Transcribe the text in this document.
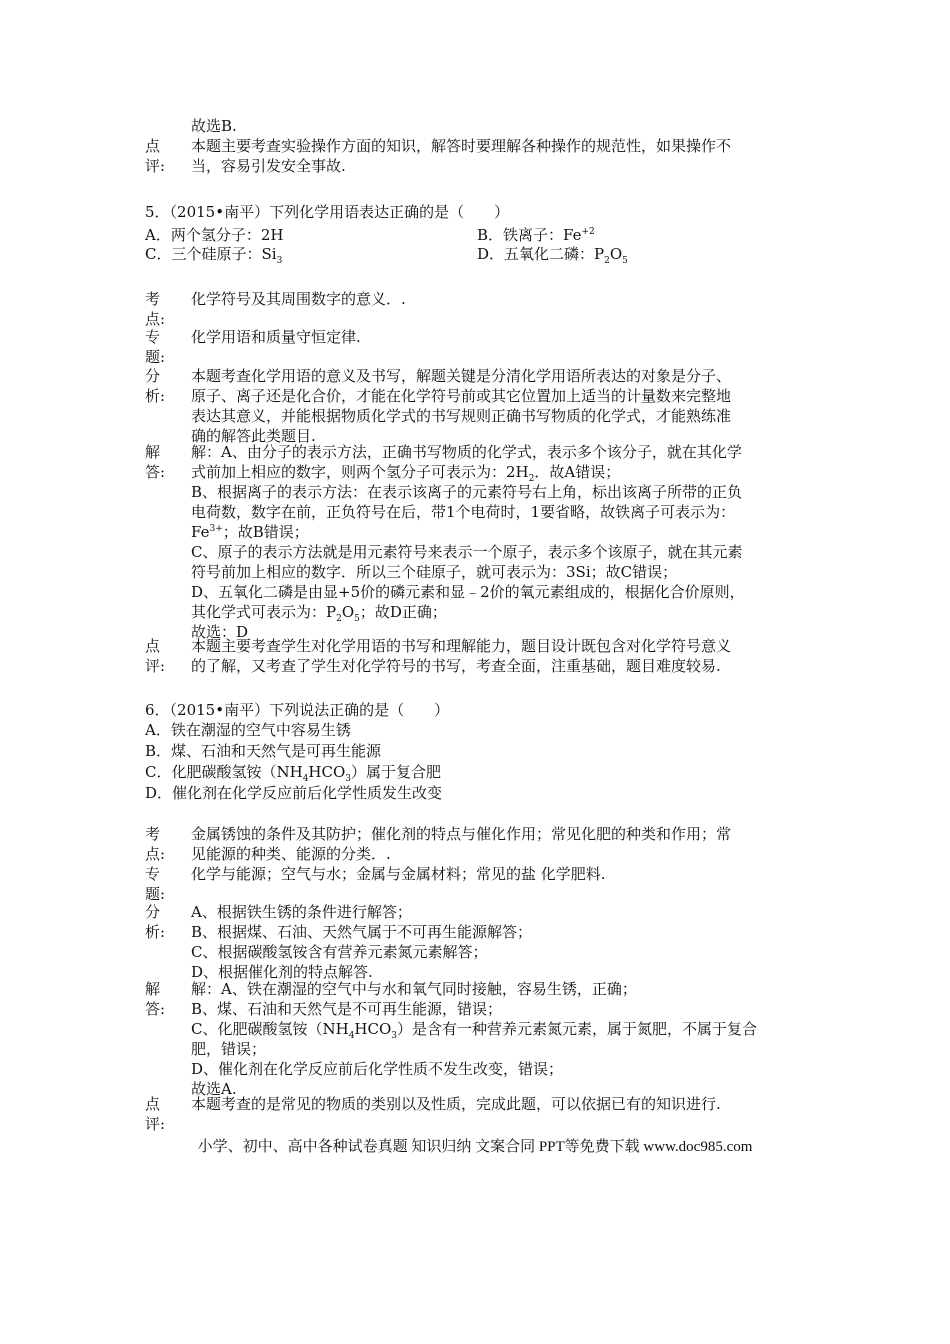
故选B.

点
评:

本题主要考查实验操作方面的知识，解答时要理解各种操作的规范性，如果操作不

当，容易引发安全事故.

5．（2015•南平）下列化学用语表达正确的是（　　）
A．两个氢分子：2H	B．铁离子：$Fe^{+2}$
C．三个硅原子：$Si_3$	D．五氧化二磷：$P_2O_5$
考
点:

化学符号及其周围数字的意义．.

专
题:

化学用语和质量守恒定律.

分
析:

本题考查化学用语的意义及书写，解题关键是分清化学用语所表达的对象是分子、

原子、离子还是化合价，才能在化学符号前或其它位置加上适当的计量数来完整地

表达其意义，并能根据物质化学式的书写规则正确书写物质的化学式，才能熟练准

确的解答此类题目.

解
答:

解：A、由分子的表示方法，正确书写物质的化学式，表示多个该分子，就在其化学

式前加上相应的数字，则两个氢分子可表示为：$2H_2$．故A错误；

B、根据离子的表示方法：在表示该离子的元素符号右上角，标出该离子所带的正负

电荷数，数字在前，正负符号在后，带1个电荷时，1要省略，故铁离子可表示为：

$Fe^{3+}$；故B错误；

C、原子的表示方法就是用元素符号来表示一个原子，表示多个该原子，就在其元素

符号前加上相应的数字．所以三个硅原子，就可表示为：3Si；故C错误；

D、五氧化二磷是由显+5价的磷元素和显﹣2价的氧元素组成的，根据化合价原则，

其化学式可表示为：$P_2O_5$；故D正确；

故选：D

点
评:

本题主要考查学生对化学用语的书写和理解能力，题目设计既包含对化学符号意义

的了解，又考查了学生对化学符号的书写，考查全面，注重基础，题目难度较易.

6．（2015•南平）下列说法正确的是（　　）

A．铁在潮湿的空气中容易生锈

B．煤、石油和天然气是可再生能源

C．化肥碳酸氢铵$(NH_4HCO_3)$属于复合肥

D．催化剂在化学反应前后化学性质发生改变

考
点:

金属锈蚀的条件及其防护；催化剂的特点与催化作用；常见化肥的种类和作用；常

见能源的种类、能源的分类．.

专
题:

化学与能源；空气与水；金属与金属材料；常见的盐 化学肥料.

分
析:

A、根据铁生锈的条件进行解答；

B、根据煤、石油、天然气属于不可再生能源解答；

C、根据碳酸氢铵含有营养元素氮元素解答；

D、根据催化剂的特点解答.

解
答:

解：A、铁在潮湿的空气中与水和氧气同时接触，容易生锈，正确；

B、煤、石油和天然气是不可再生能源，错误；

C、化肥碳酸氢铵$(NH_4HCO_3)$是含有一种营养元素氮元素，属于氮肥，不属于复合

肥，错误；

D、催化剂在化学反应前后化学性质不发生改变，错误；

故选A.

点
评:

本题考查的是常见的物质的类别以及性质，完成此题，可以依据已有的知识进行.

小学、初中、高中各种试卷真题 知识归纳 文案合同 PPT等免费下载 www.doc985.com
